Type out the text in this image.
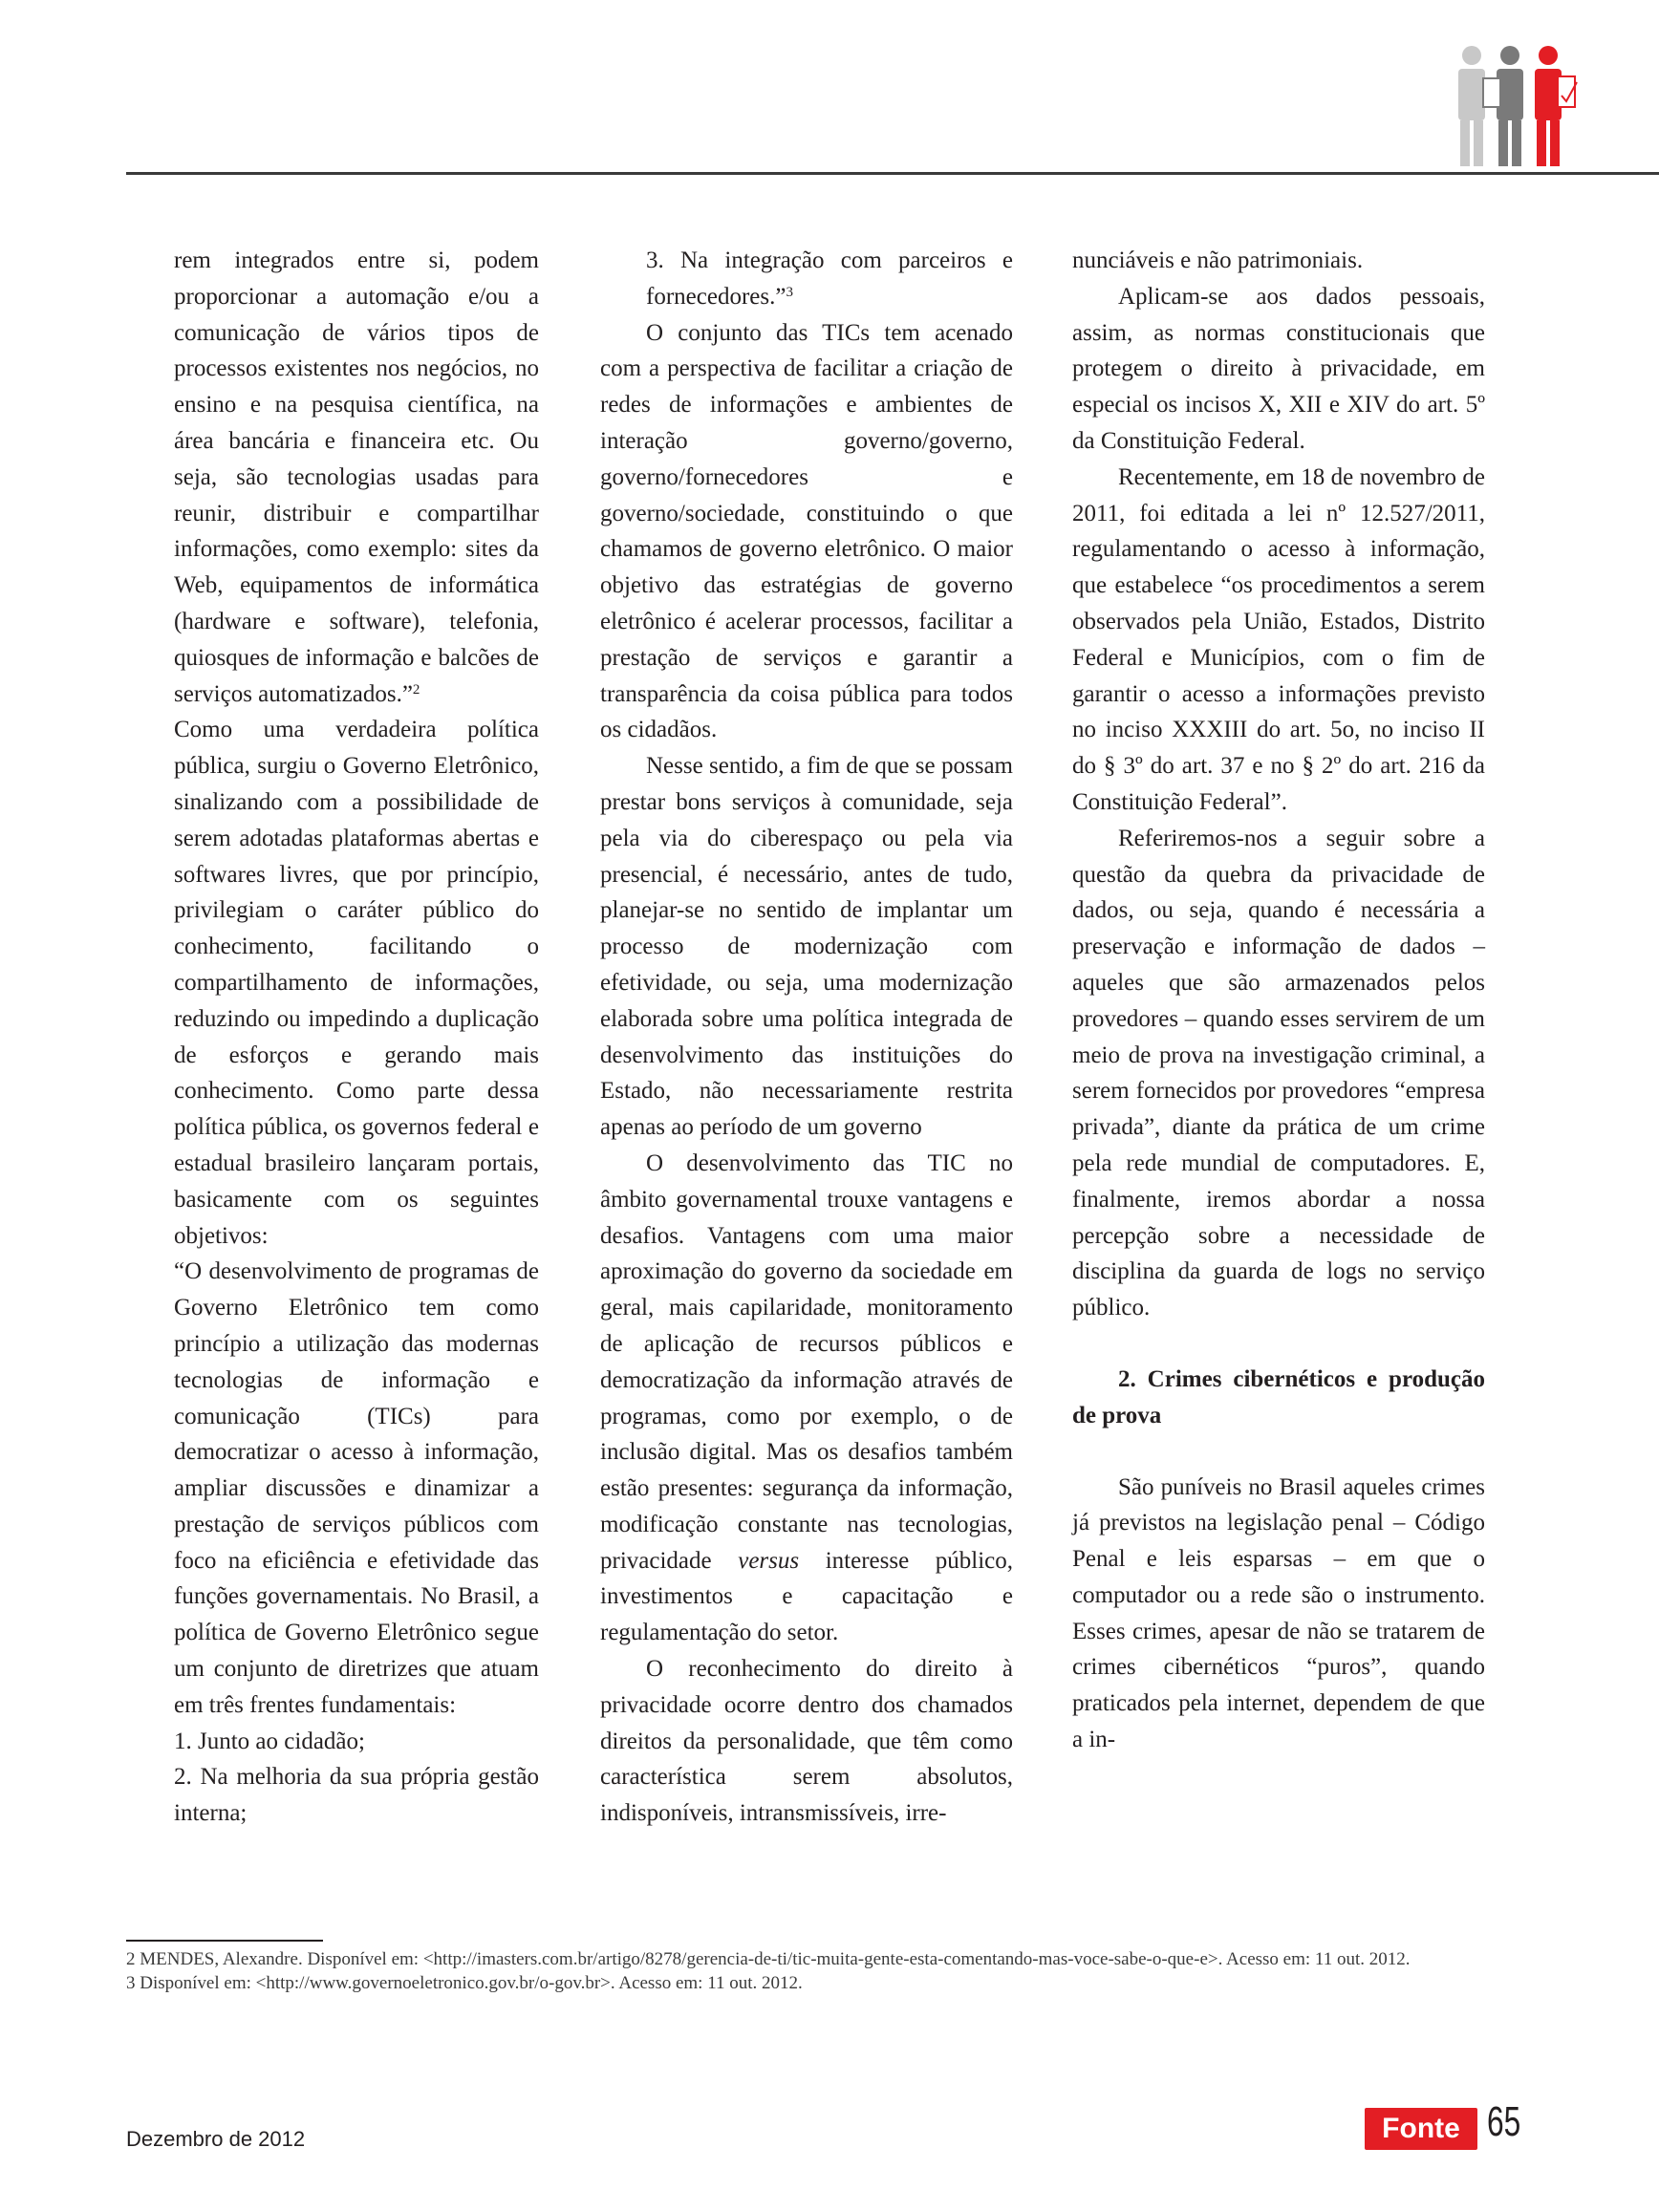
rem integrados entre si, podem proporcionar a automação e/ou a comunicação de vários tipos de processos existentes nos negócios, no ensino e na pesquisa científica, na área bancária e financeira etc. Ou seja, são tecnologias usadas para reunir, distribuir e compartilhar informações, como exemplo: sites da Web, equipamentos de informática (hardware e software), telefonia, quiosques de informação e balcões de serviços automatizados.”$^2$

Como uma verdadeira política pública, surgiu o Governo Eletrônico, sinalizando com a possibilidade de serem adotadas plataformas abertas e softwares livres, que por princípio, privilegiam o caráter público do conhecimento, facilitando o compartilhamento de informações, reduzindo ou impedindo a duplicação de esforços e gerando mais conhecimento. Como parte dessa política pública, os governos federal e estadual brasileiro lançaram portais, basicamente com os seguintes objetivos:

“O desenvolvimento de programas de Governo Eletrônico tem como princípio a utilização das modernas tecnologias de informação e comunicação (TICs) para democratizar o acesso à informação, ampliar discussões e dinamizar a prestação de serviços públicos com foco na eficiência e efetividade das funções governamentais. No Brasil, a política de Governo Eletrônico segue um conjunto de diretrizes que atuam em três frentes fundamentais:

1. Junto ao cidadão;

2. Na melhoria da sua própria gestão interna;

3. Na integração com parceiros e fornecedores.”$^3$

O conjunto das TICs tem acenado com a perspectiva de facilitar a criação de redes de informações e ambientes de interação governo/governo, governo/fornecedores e governo/sociedade, constituindo o que chamamos de governo eletrônico. O maior objetivo das estratégias de governo eletrônico é acelerar processos, facilitar a prestação de serviços e garantir a transparência da coisa pública para todos os cidadãos.

Nesse sentido, a fim de que se possam prestar bons serviços à comunidade, seja pela via do ciberespaço ou pela via presencial, é necessário, antes de tudo, planejar-se no sentido de implantar um processo de modernização com efetividade, ou seja, uma modernização elaborada sobre uma política integrada de desenvolvimento das instituições do Estado, não necessariamente restrita apenas ao período de um governo

O desenvolvimento das TIC no âmbito governamental trouxe vantagens e desafios. Vantagens com uma maior aproximação do governo da sociedade em geral, mais capilaridade, monitoramento de aplicação de recursos públicos e democratização da informação através de programas, como por exemplo, o de inclusão digital. Mas os desafios também estão presentes: segurança da informação, modificação constante nas tecnologias, privacidade versus interesse público, investimentos e capacitação e regulamentação do setor.

O reconhecimento do direito à privacidade ocorre dentro dos chamados direitos da personalidade, que têm como característica serem absolutos, indisponíveis, intransmissíveis, irre-

nunciáveis e não patrimoniais.

Aplicam-se aos dados pessoais, assim, as normas constitucionais que protegem o direito à privacidade, em especial os incisos X, XII e XIV do art. 5º da Constituição Federal.

Recentemente, em 18 de novembro de 2011, foi editada a lei nº 12.527/2011, regulamentando o acesso à informação, que estabelece “os procedimentos a serem observados pela União, Estados, Distrito Federal e Municípios, com o fim de garantir o acesso a informações previsto no inciso XXXIII do art. 5o, no inciso II do § 3º do art. 37 e no § 2º do art. 216 da Constituição Federal”.

Referiremos-nos a seguir sobre a questão da quebra da privacidade de dados, ou seja, quando é necessária a preservação e informação de dados – aqueles que são armazenados pelos provedores – quando esses servirem de um meio de prova na investigação criminal, a serem fornecidos por provedores “empresa privada”, diante da prática de um crime pela rede mundial de computadores. E, finalmente, iremos abordar a nossa percepção sobre a necessidade de disciplina da guarda de logs no serviço público.

2. Crimes cibernéticos e produção de prova

São puníveis no Brasil aqueles crimes já previstos na legislação penal – Código Penal e leis esparsas – em que o computador ou a rede são o instrumento. Esses crimes, apesar de não se tratarem de crimes cibernéticos “puros”, quando praticados pela internet, dependem de que a in-

2 MENDES, Alexandre. Disponível em: <http://imasters.com.br/artigo/8278/gerencia-de-ti/tic-muita-gente-esta-comentando-mas-voce-sabe-o-que-e>. Acesso em: 11 out. 2012.

3 Disponível em: <http://www.governoeletronico.gov.br/o-gov.br>. Acesso em: 11 out. 2012.

Dezembro de 2012	Fonte 65
